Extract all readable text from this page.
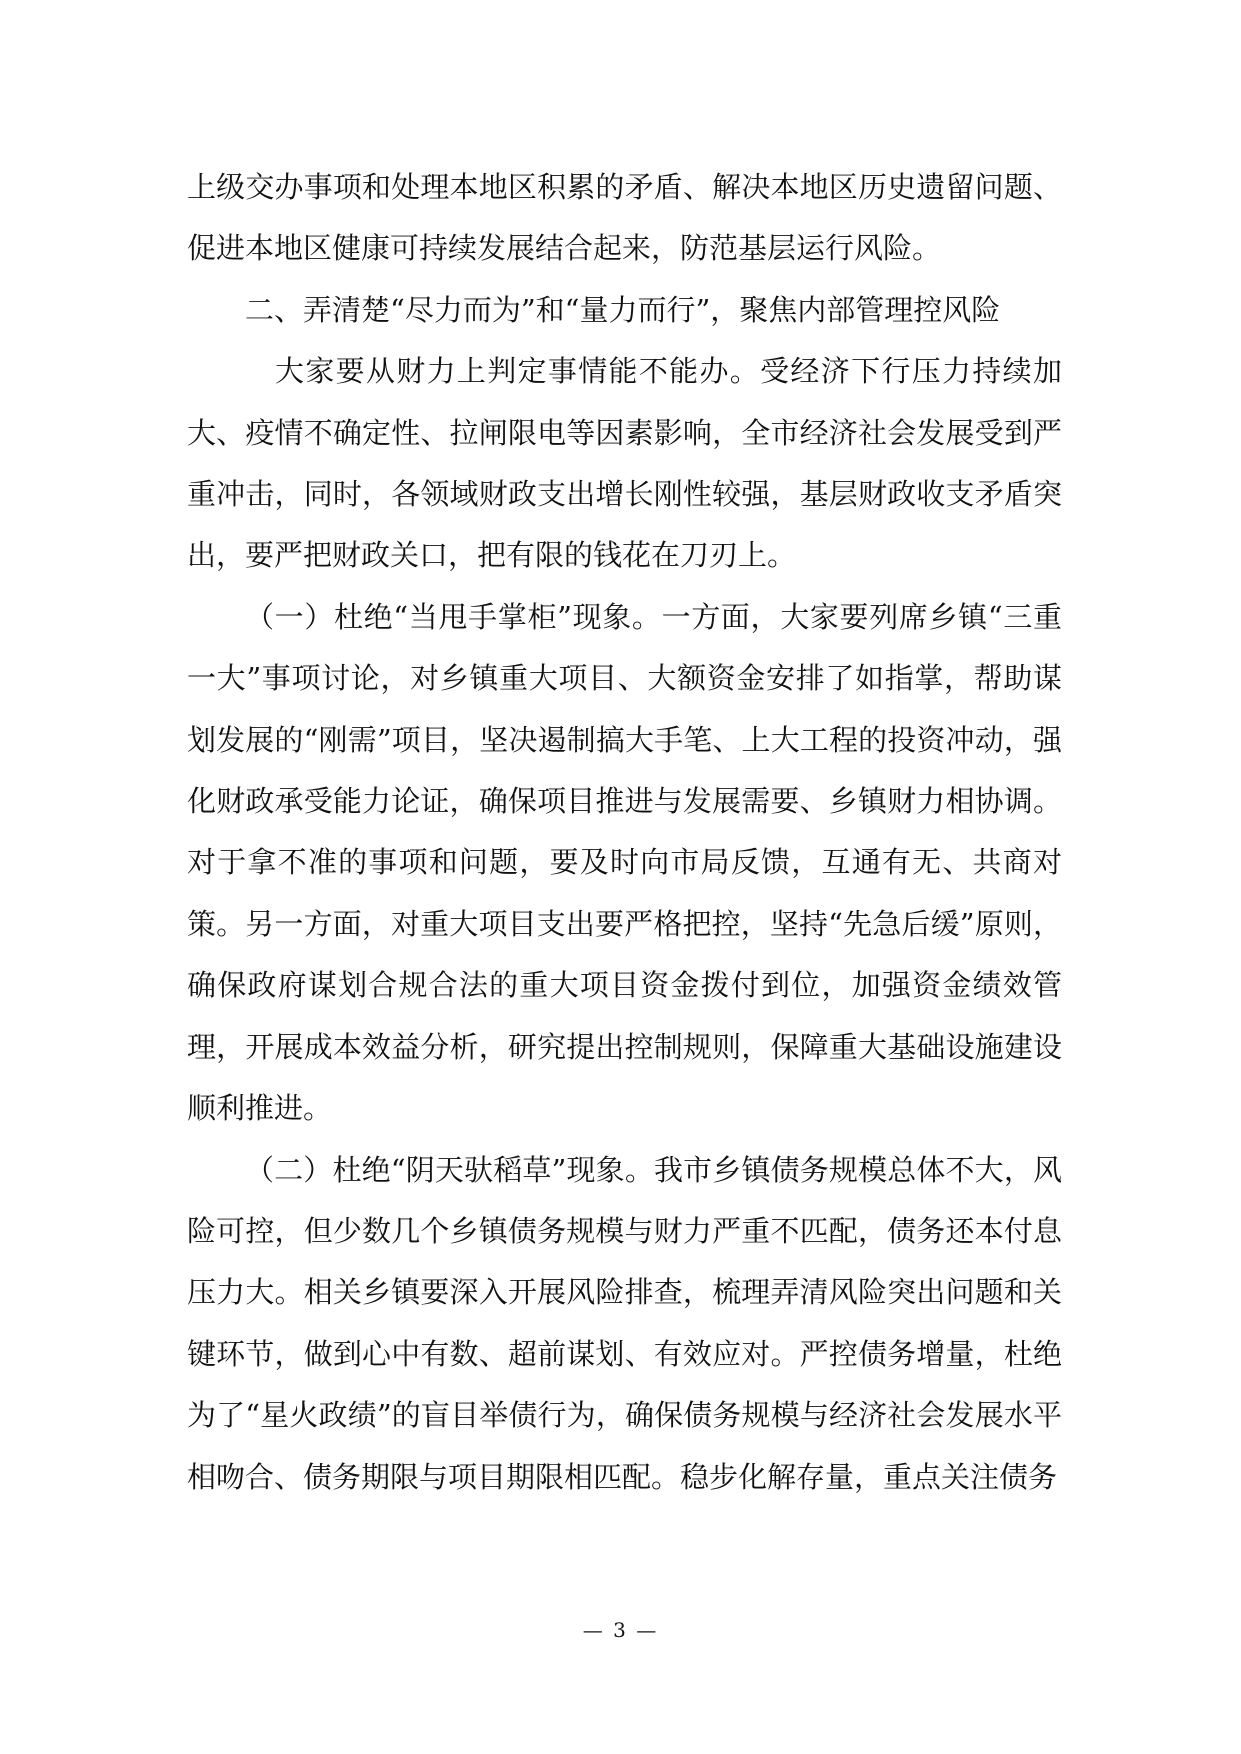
上级交办事项和处理本地区积累的矛盾、解决本地区历史遗留问题、促进本地区健康可持续发展结合起来，防范基层运行风险。

二、弄清楚“尽力而为”和“量力而行”，聚焦内部管理控风险

大家要从财力上判定事情能不能办。受经济下行压力持续加大、疫情不确定性、拉闸限电等因素影响，全市经济社会发展受到严重冲击，同时，各领域财政支出增长刚性较强，基层财政收支矛盾突出，要严把财政关口，把有限的钱花在刀刃上。

（一）杜绝“当甩手掌柜”现象。一方面，大家要列席乡镇“三重一大”事项讨论，对乡镇重大项目、大额资金安排了如指掌，帮助谋划发展的“刚需”项目，坚决遏制搞大手笔、上大工程的投资冲动，强化财政承受能力论证，确保项目推进与发展需要、乡镇财力相协调。对于拿不准的事项和问题，要及时向市局反馈，互通有无、共商对策。另一方面，对重大项目支出要严格把控，坚持“先急后缓”原则，确保政府谋划合规合法的重大项目资金拨付到位，加强资金绩效管理，开展成本效益分析，研究提出控制规则，保障重大基础设施建设顺利推进。

（二）杜绝“阴天驮稻草”现象。我市乡镇债务规模总体不大，风险可控，但少数几个乡镇债务规模与财力严重不匹配，债务还本付息压力大。相关乡镇要深入开展风险排查，梳理弄清风险突出问题和关键环节，做到心中有数、超前谋划、有效应对。严控债务增量，杜绝为了“星火政绩”的盲目举债行为，确保债务规模与经济社会发展水平相吻合、债务期限与项目期限相匹配。稳步化解存量，重点关注债务

— 3 —
